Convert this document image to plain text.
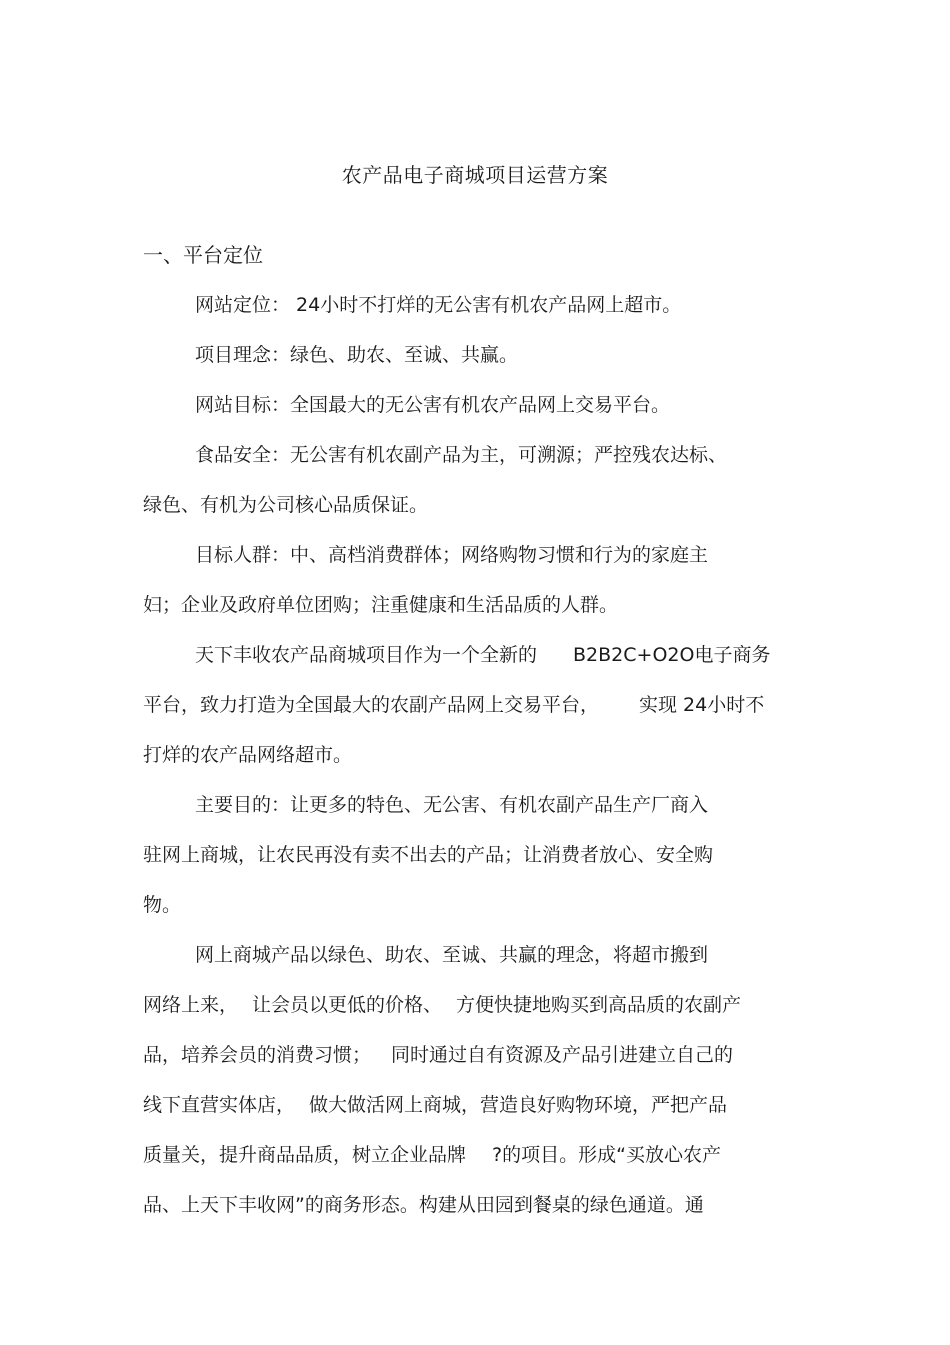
农产品电子商城项目运营方案
一、平台定位
网站定位： 24小时不打烊的无公害有机农产品网上超市。
项目理念：绿色、助农、至诚、共赢。
网站目标：全国最大的无公害有机农产品网上交易平台。
食品安全：无公害有机农副产品为主，可溯源；严控残农达标、
绿色、有机为公司核心品质保证。
目标人群：中、高档消费群体；网络购物习惯和行为的家庭主
妇；企业及政府单位团购；注重健康和生活品质的人群。
天下丰收农产品商城项目作为一个全新的 B2B2C+O2O电子商务
平台，致力打造为全国最大的农副产品网上交易平台， 实现 24小时不
打烊的农产品网络超市。
主要目的：让更多的特色、无公害、有机农副产品生产厂商入
驻网上商城，让农民再没有卖不出去的产品；让消费者放心、安全购
物。
网上商城产品以绿色、助农、至诚、共赢的理念，将超市搬到
网络上来， 让会员以更低的价格、 方便快捷地购买到高品质的农副产
品，培养会员的消费习惯； 同时通过自有资源及产品引进建立自己的
线下直营实体店， 做大做活网上商城，营造良好购物环境，严把产品
质量关，提升商品品质，树立企业品牌 ?的项目。形成“买放心农产
品、上天下丰收网”的商务形态。构建从田园到餐桌的绿色通道。通
